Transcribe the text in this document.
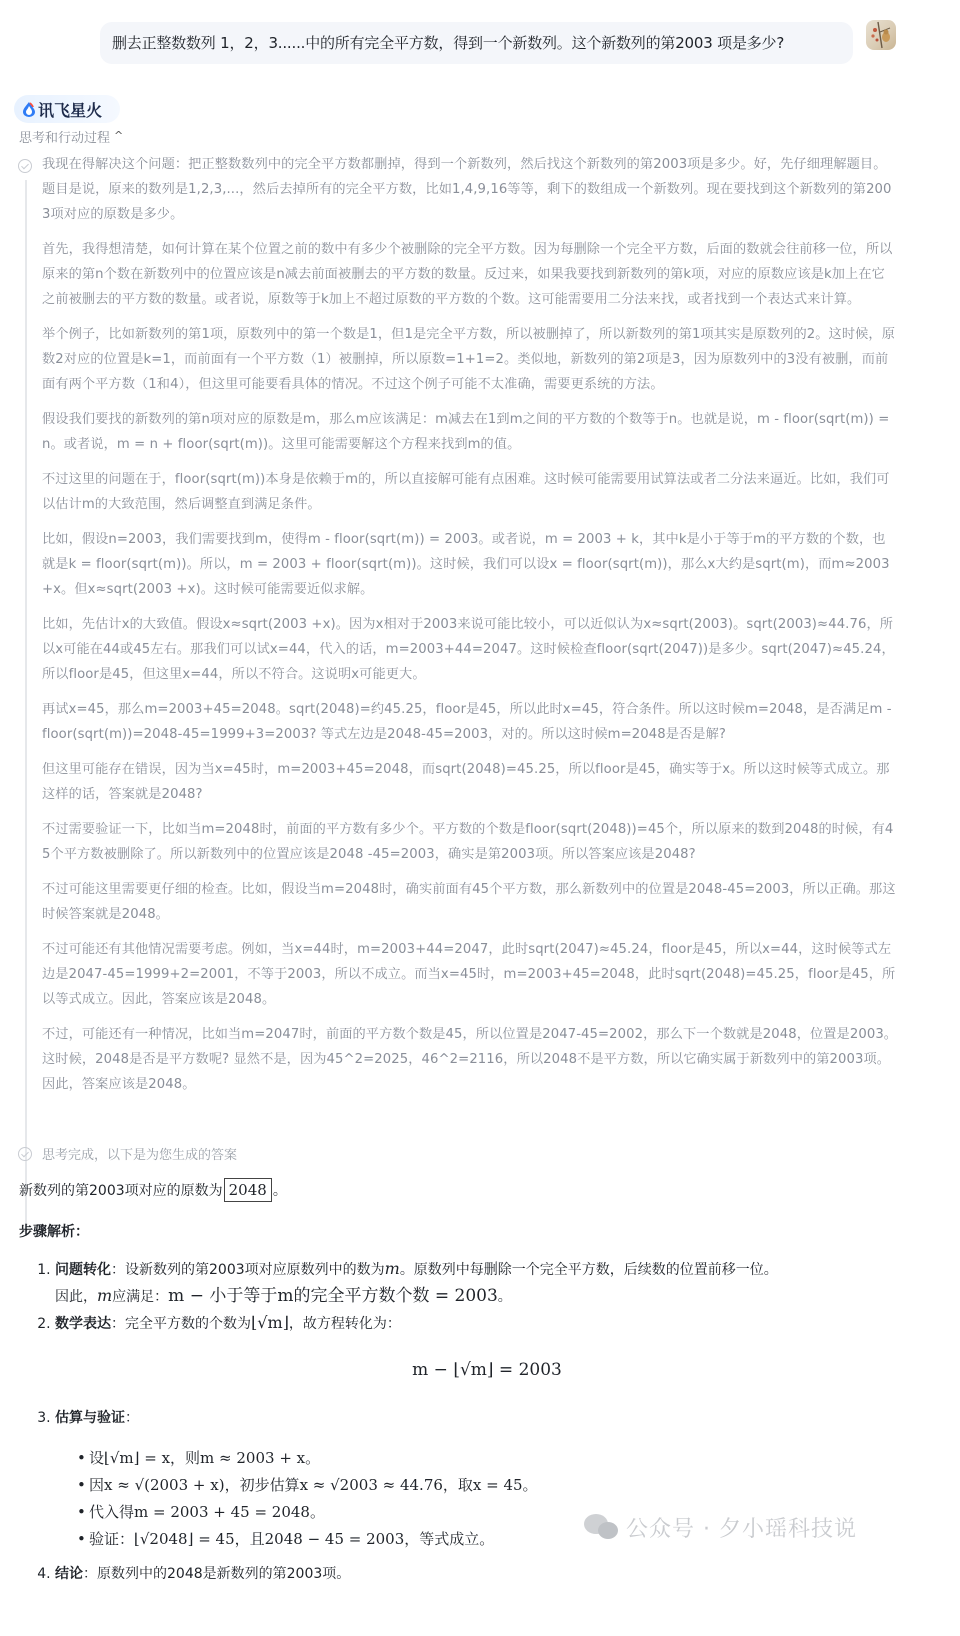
删去正整数数列 1，2，3......中的所有完全平方数，得到一个新数列。这个新数列的第2003 项是多少?
讯飞星火
思考和行动过程 ^

我现在得解决这个问题：把正整数数列中的完全平方数都删掉，得到一个新数列，然后找这个新数列的第2003项是多少。好，先仔细理解题目。题目是说，原来的数列是1,2,3,...，然后去掉所有的完全平方数，比如1,4,9,16等等，剩下的数组成一个新数列。现在要找到这个新数列的第2003项对应的原数是多少。

首先，我得想清楚，如何计算在某个位置之前的数中有多少个被删除的完全平方数。因为每删除一个完全平方数，后面的数就会往前移一位，所以原来的第n个数在新数列中的位置应该是n减去前面被删去的平方数的数量。反过来，如果我要找到新数列的第k项，对应的原数应该是k加上在它之前被删去的平方数的数量。或者说，原数等于k加上不超过原数的平方数的个数。这可能需要用二分法来找，或者找到一个表达式来计算。

举个例子，比如新数列的第1项，原数列中的第一个数是1，但1是完全平方数，所以被删掉了，所以新数列的第1项其实是原数列的2。这时候，原数2对应的位置是k=1，而前面有一个平方数（1）被删掉，所以原数=1+1=2。类似地，新数列的第2项是3，因为原数列中的3没有被删，而前面有两个平方数（1和4），但这里可能要看具体的情况。不过这个例子可能不太准确，需要更系统的方法。

假设我们要找的新数列的第n项对应的原数是m，那么m应该满足：m减去在1到m之间的平方数的个数等于n。也就是说，m - floor(sqrt(m)) = n。或者说，m = n + floor(sqrt(m))。这里可能需要解这个方程来找到m的值。

不过这里的问题在于，floor(sqrt(m))本身是依赖于m的，所以直接解可能有点困难。这时候可能需要用试算法或者二分法来逼近。比如，我们可以估计m的大致范围，然后调整直到满足条件。

比如，假设n=2003，我们需要找到m，使得m - floor(sqrt(m)) = 2003。或者说，m = 2003 + k，其中k是小于等于m的平方数的个数，也就是k = floor(sqrt(m))。所以，m = 2003 + floor(sqrt(m))。这时候，我们可以设x = floor(sqrt(m))，那么x大约是sqrt(m)，而m≈2003 +x。但x≈sqrt(2003 +x)。这时候可能需要近似求解。

比如，先估计x的大致值。假设x≈sqrt(2003 +x)。因为x相对于2003来说可能比较小，可以近似认为x≈sqrt(2003)。sqrt(2003)≈44.76，所以x可能在44或45左右。那我们可以试x=44，代入的话，m=2003+44=2047。这时候检查floor(sqrt(2047))是多少。sqrt(2047)≈45.24，所以floor是45，但这里x=44，所以不符合。这说明x可能更大。

再试x=45，那么m=2003+45=2048。sqrt(2048)=约45.25，floor是45，所以此时x=45，符合条件。所以这时候m=2048，是否满足m - floor(sqrt(m))=2048-45=1999+3=2003? 等式左边是2048-45=2003，对的。所以这时候m=2048是否是解?

但这里可能存在错误，因为当x=45时，m=2003+45=2048，而sqrt(2048)=45.25，所以floor是45，确实等于x。所以这时候等式成立。那这样的话，答案就是2048?

不过需要验证一下，比如当m=2048时，前面的平方数有多少个。平方数的个数是floor(sqrt(2048))=45个，所以原来的数到2048的时候，有45个平方数被删除了。所以新数列中的位置应该是2048 -45=2003，确实是第2003项。所以答案应该是2048?

不过可能这里需要更仔细的检查。比如，假设当m=2048时，确实前面有45个平方数，那么新数列中的位置是2048-45=2003，所以正确。那这时候答案就是2048。

不过可能还有其他情况需要考虑。例如，当x=44时，m=2003+44=2047，此时sqrt(2047)≈45.24，floor是45，所以x=44，这时候等式左边是2047-45=1999+2=2001，不等于2003，所以不成立。而当x=45时，m=2003+45=2048，此时sqrt(2048)=45.25，floor是45，所以等式成立。因此，答案应该是2048。

不过，可能还有一种情况，比如当m=2047时，前面的平方数个数是45，所以位置是2047-45=2002，那么下一个数就是2048，位置是2003。这时候，2048是否是平方数呢? 显然不是，因为45^2=2025，46^2=2116，所以2048不是平方数，所以它确实属于新数列中的第2003项。因此，答案应该是2048。

思考完成，以下是为您生成的答案
新数列的第2003项对应的原数为 2048 。
步骤解析：
1. 问题转化：设新数列的第2003项对应原数列中的数为m。原数列中每删除一个完全平方数，后续数的位置前移一位。
因此，m应满足：m − 小于等于m的完全平方数个数 = 2003。
2. 数学表达：完全平方数的个数为⌊√m⌋，故方程转化为：
m − ⌊√m⌋ = 2003
3. 估算与验证：
• 设⌊√m⌋ = x，则m ≈ 2003 + x。
• 因x ≈ √(2003 + x)，初步估算x ≈ √2003 ≈ 44.76，取x = 45。
• 代入得m = 2003 + 45 = 2048。
• 验证：⌊√2048⌋ = 45，且2048 − 45 = 2003，等式成立。
4. 结论：原数列中的2048是新数列的第2003项。
公众号 · 夕小瑶科技说
